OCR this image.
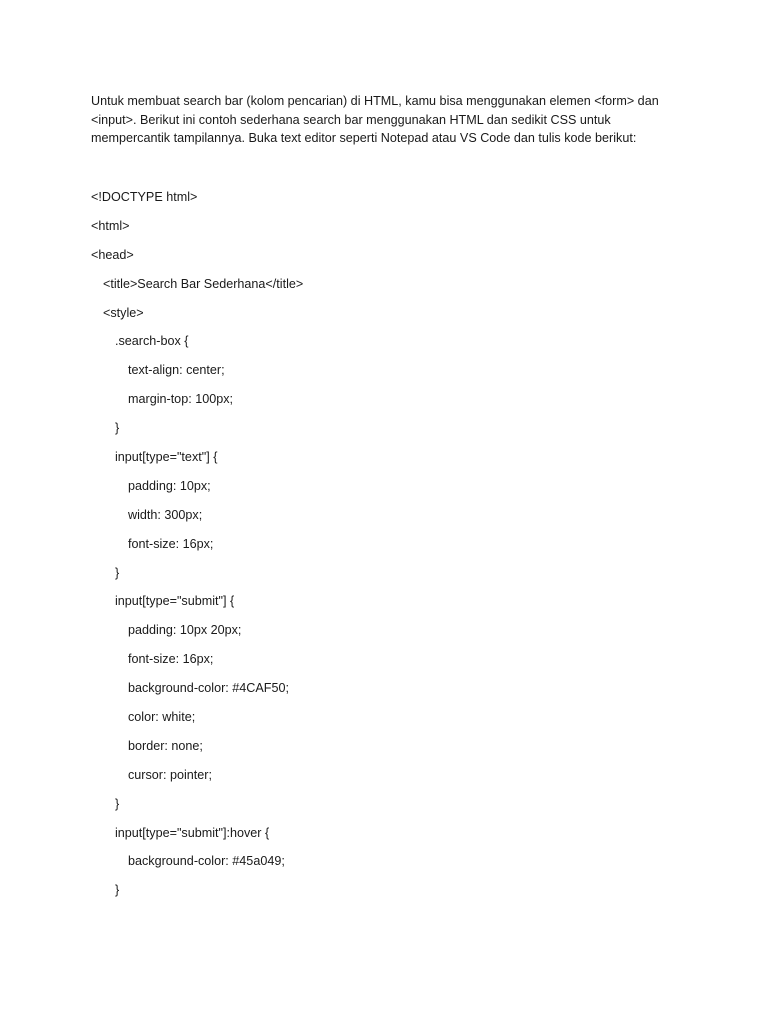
Untuk membuat search bar (kolom pencarian) di HTML, kamu bisa menggunakan elemen <form> dan
<input>. Berikut ini contoh sederhana search bar menggunakan HTML dan sedikit CSS untuk
mempercantik tampilannya. Buka text editor seperti Notepad atau VS Code dan tulis kode berikut:

<!DOCTYPE html>
<html>
<head>
<title>Search Bar Sederhana</title>
<style>
.search-box {
text-align: center;
margin-top: 100px;
}
input[type="text"] {
padding: 10px;
width: 300px;
font-size: 16px;
}
input[type="submit"] {
padding: 10px 20px;
font-size: 16px;
background-color: #4CAF50;
color: white;
border: none;
cursor: pointer;
}
input[type="submit"]:hover {
background-color: #45a049;
}
